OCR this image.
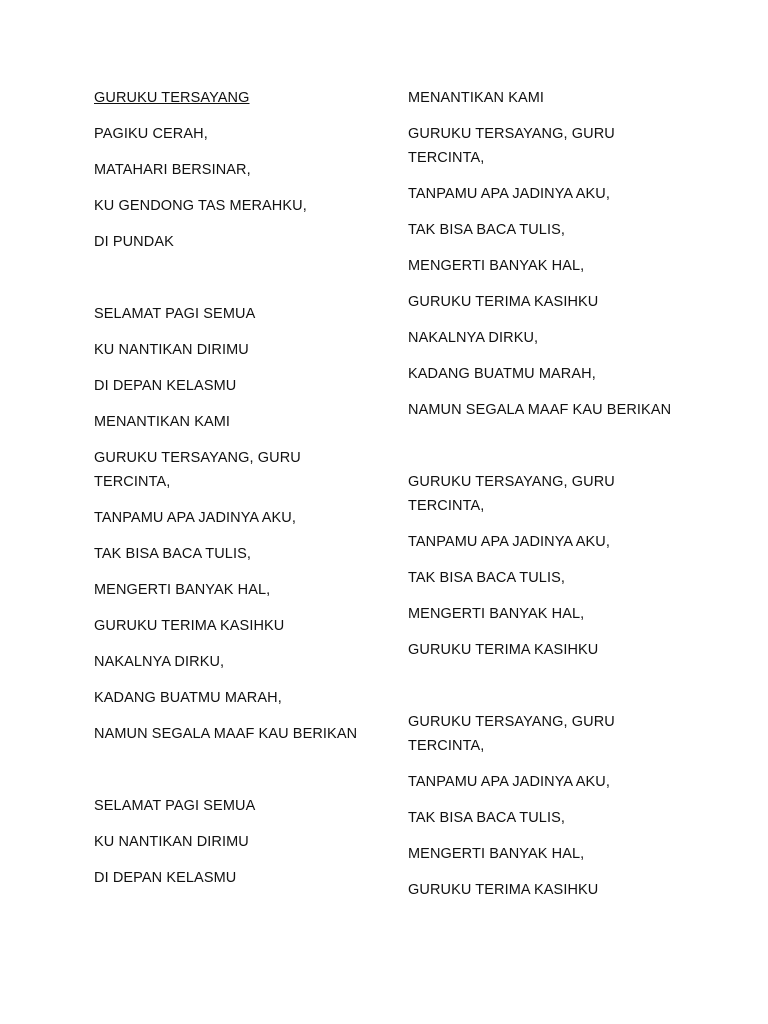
GURUKU TERSAYANG
PAGIKU CERAH,
MATAHARI BERSINAR,
KU GENDONG TAS MERAHKU,
DI PUNDAK
SELAMAT PAGI SEMUA
KU NANTIKAN DIRIMU
DI DEPAN KELASMU
MENANTIKAN KAMI
GURUKU TERSAYANG, GURU TERCINTA,
TANPAMU APA JADINYA AKU,
TAK BISA BACA TULIS,
MENGERTI BANYAK HAL,
GURUKU TERIMA KASIHKU
NAKALNYA DIRKU,
KADANG BUATMU MARAH,
NAMUN SEGALA MAAF KAU BERIKAN
SELAMAT PAGI SEMUA
KU NANTIKAN DIRIMU
DI DEPAN KELASMU
MENANTIKAN KAMI
GURUKU TERSAYANG, GURU TERCINTA,
TANPAMU APA JADINYA AKU,
TAK BISA BACA TULIS,
MENGERTI BANYAK HAL,
GURUKU TERIMA KASIHKU
NAKALNYA DIRKU,
KADANG BUATMU MARAH,
NAMUN SEGALA MAAF KAU BERIKAN
GURUKU TERSAYANG, GURU TERCINTA,
TANPAMU APA JADINYA AKU,
TAK BISA BACA TULIS,
MENGERTI BANYAK HAL,
GURUKU TERIMA KASIHKU
GURUKU TERSAYANG, GURU TERCINTA,
TANPAMU APA JADINYA AKU,
TAK BISA BACA TULIS,
MENGERTI BANYAK HAL,
GURUKU TERIMA KASIHKU
